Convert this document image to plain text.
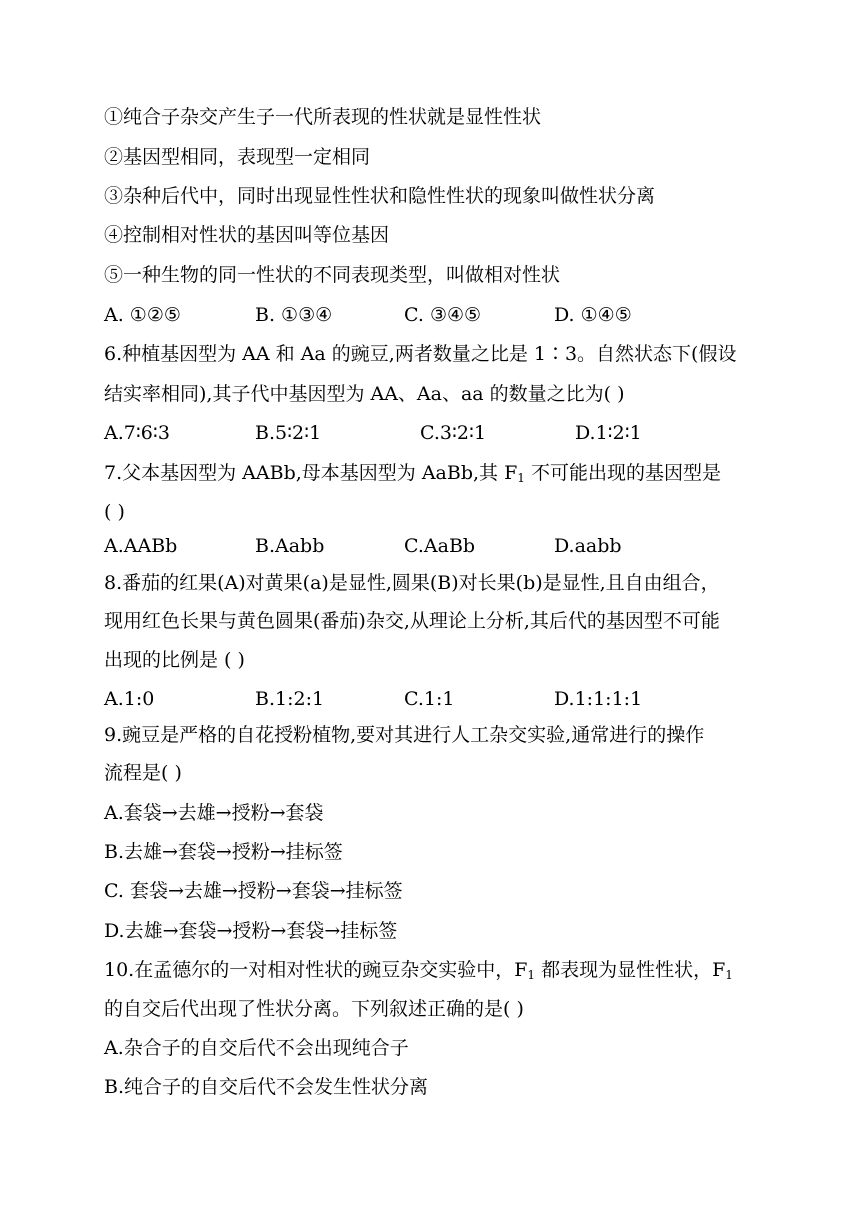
①纯合子杂交产生子一代所表现的性状就是显性性状
②基因型相同，表现型一定相同
③杂种后代中，同时出现显性性状和隐性性状的现象叫做性状分离
④控制相对性状的基因叫等位基因
⑤一种生物的同一性状的不同表现类型，叫做相对性状
A. ①②⑤	B. ①③④	C. ③④⑤	D. ①④⑤
6.种植基因型为 AA 和 Aa 的豌豆,两者数量之比是 1∶3。自然状态下(假设
结实率相同),其子代中基因型为 AA、Aa、aa 的数量之比为( )
A.7∶6∶3	B.5∶2∶1	C.3∶2∶1	D.1∶2∶1
7.父本基因型为 AABb,母本基因型为 AaBb,其 $F_1$ 不可能出现的基因型是
( )
A.AABb	B.Aabb	C.AaBb	D.aabb
8.番茄的红果(A)对黄果(a)是显性,圆果(B)对长果(b)是显性,且自由组合，
现用红色长果与黄色圆果(番茄)杂交,从理论上分析,其后代的基因型不可能
出现的比例是 ( )
A.1:0	B.1:2:1	C.1:1	D.1:1:1:1
9.豌豆是严格的自花授粉植物,要对其进行人工杂交实验,通常进行的操作
流程是( )
A.套袋→去雄→授粉→套袋
B.去雄→套袋→授粉→挂标签
C. 套袋→去雄→授粉→套袋→挂标签
D.去雄→套袋→授粉→套袋→挂标签
10.在孟德尔的一对相对性状的豌豆杂交实验中，$F_1$ 都表现为显性性状，$F_1$
的自交后代出现了性状分离。下列叙述正确的是( )
A.杂合子的自交后代不会出现纯合子
B.纯合子的自交后代不会发生性状分离
